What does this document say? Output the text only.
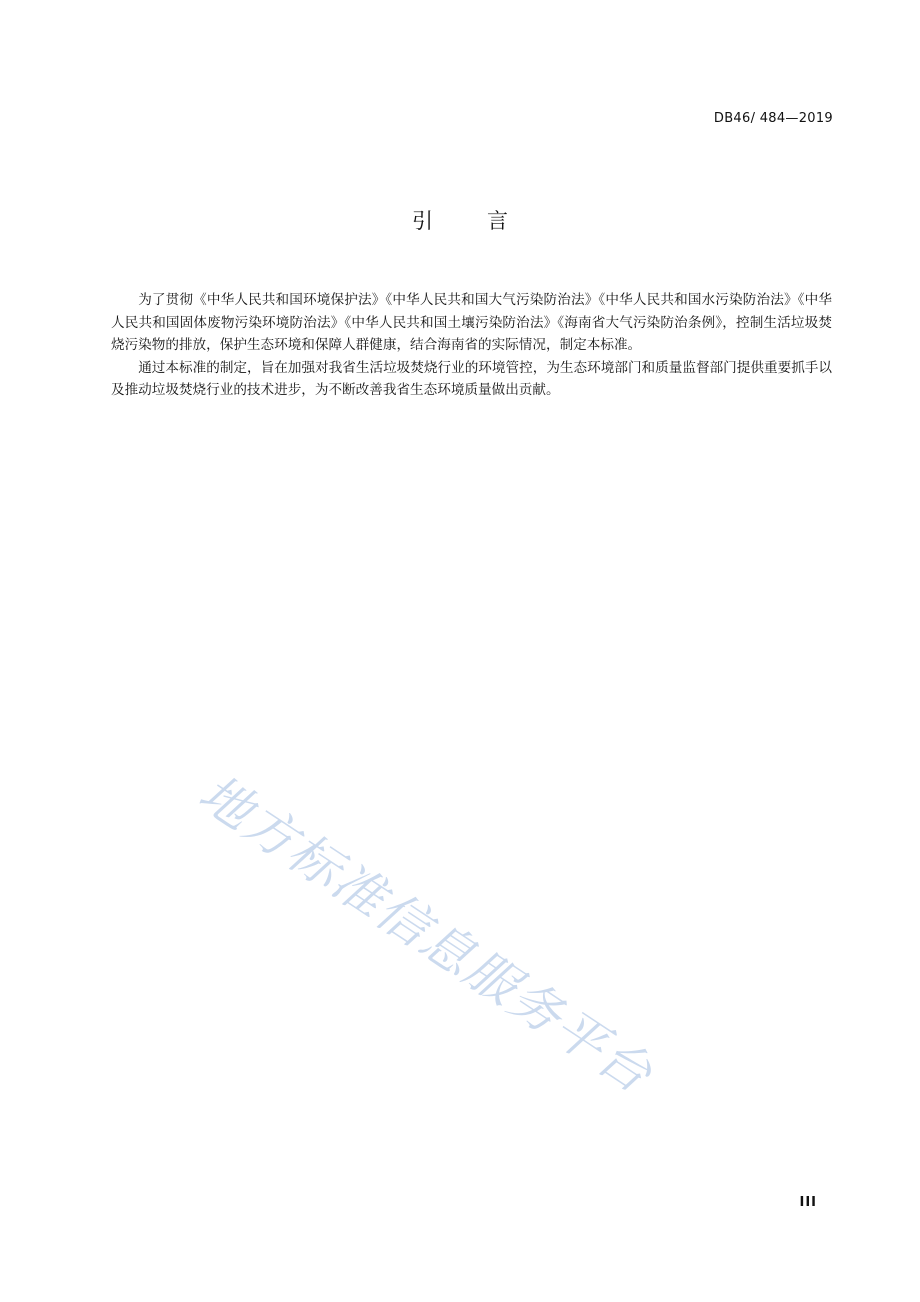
DB46/ 484—2019
引言

为了贯彻《中华人民共和国环境保护法》《中华人民共和国大气污染防治法》《中华人民共和国水污染防治法》《中华人民共和国固体废物污染环境防治法》《中华人民共和国土壤污染防治法》《海南省大气污染防治条例》，控制生活垃圾焚烧污染物的排放，保护生态环境和保障人群健康，结合海南省的实际情况，制定本标准。

通过本标准的制定，旨在加强对我省生活垃圾焚烧行业的环境管控，为生态环境部门和质量监督部门提供重要抓手以及推动垃圾焚烧行业的技术进步，为不断改善我省生态环境质量做出贡献。

地方标准信息服务平台
III
